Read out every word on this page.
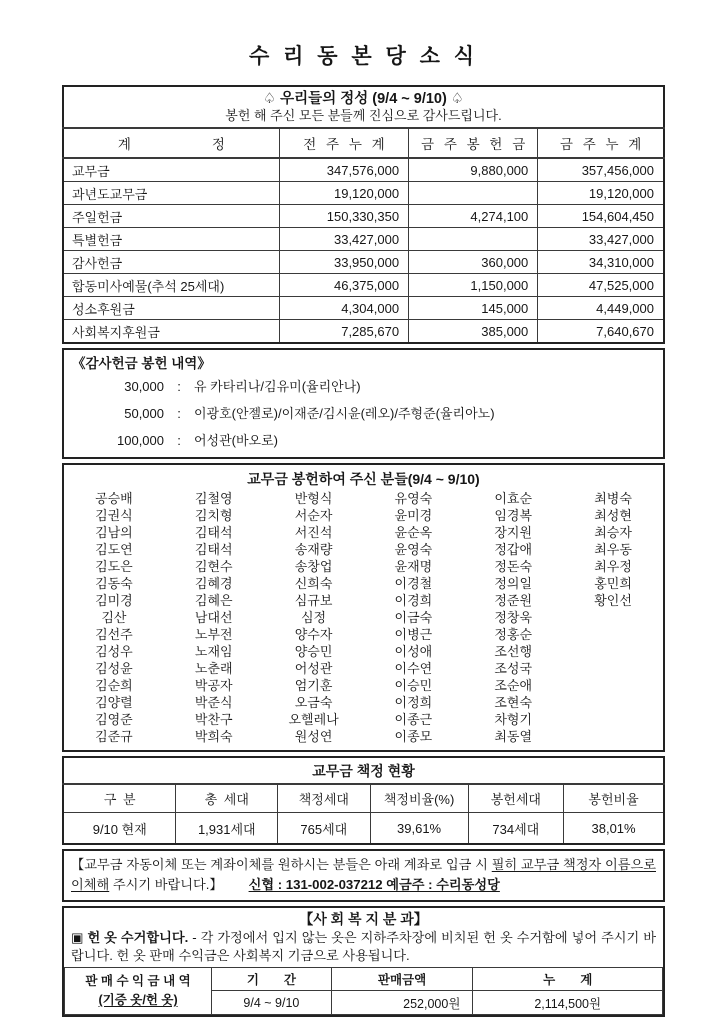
수 리 동 본 당 소 식
♤ 우리들의 정성 (9/4 ~ 9/10) ♤
봉헌 해 주신 모든 분들께 진심으로 감사드립니다.			

계　　　　　　정	전 주 누 계	금 주 봉 헌 금	금 주 누 계
교무금	347,576,000	9,880,000	357,456,000
과년도교무금	19,120,000		19,120,000
주일헌금	150,330,350	4,274,100	154,604,450
특별헌금	33,427,000		33,427,000
감사헌금	33,950,000	360,000	34,310,000
합동미사예물(추석 25세대)	46,375,000	1,150,000	47,525,000
성소후원금	4,304,000	145,000	4,449,000
사회복지후원금	7,285,670	385,000	7,640,670
《감사헌금 봉헌 내역》
30,000	:	유 카타리나/김유미(율리안나)
50,000	:	이광호(안젤로)/이재준/김시윤(레오)/주형준(율리아노)
100,000	:	어성관(바오로)
교무금 봉헌하여 주신 분들(9/4 ~ 9/10)
공승배	김철영	반형식	유영숙	이효순	최병숙
김권식	김치형	서순자	윤미경	임경복	최성현
김남의	김태석	서진석	윤순옥	장지원	최승자
김도연	김태석	송재량	윤영숙	정갑애	최우동
김도은	김현수	송창업	윤재명	정돈숙	최우정
김동숙	김혜경	신희숙	이경철	정의일	홍민희
김미경	김혜은	심규보	이경희	정준원	황인선
김산	남대선	심정	이금숙	정창욱	
김선주	노부전	양수자	이병근	정홍순	
김성우	노재임	양승민	이성애	조선행	
김성윤	노춘래	어성관	이수연	조성국	
김순희	박공자	엄기훈	이승민	조순애	
김양렬	박준식	오금숙	이정희	조현숙	
김영준	박찬구	오헬레나	이종근	차형기	
김준규	박희숙	원성연	이종모	최동열	
교무금 책정 현황					
구 분	총 세대	책정세대	책정비율(%)	봉헌세대	봉헌비율
9/10 현재	1,931세대	765세대	39,61%	734세대	38,01%
【교무금 자동이체 또는 계좌이체를 원하시는 분들은 아래 계좌로 입금 시 필히 교무금 책정자 이름으로 이체해 주시기 바랍니다.】 신협 : 131-002-037212 예금주 : 수리동성당
【사 회 복 지 분 과】

▣ 헌 옷 수거합니다. - 각 가정에서 입지 않는 옷은 지하주차장에 비치된 헌 옷 수거함에 넣어 주시기 바랍니다. 헌 옷 판매 수익금은 사회복지 기금으로 사용됩니다.

판 매 수 익 금 내 역
(기증 옷/헌 옷)	기　　간	판매금액	누　　계
	9/4 ~ 9/10	252,000원	2,114,500원
